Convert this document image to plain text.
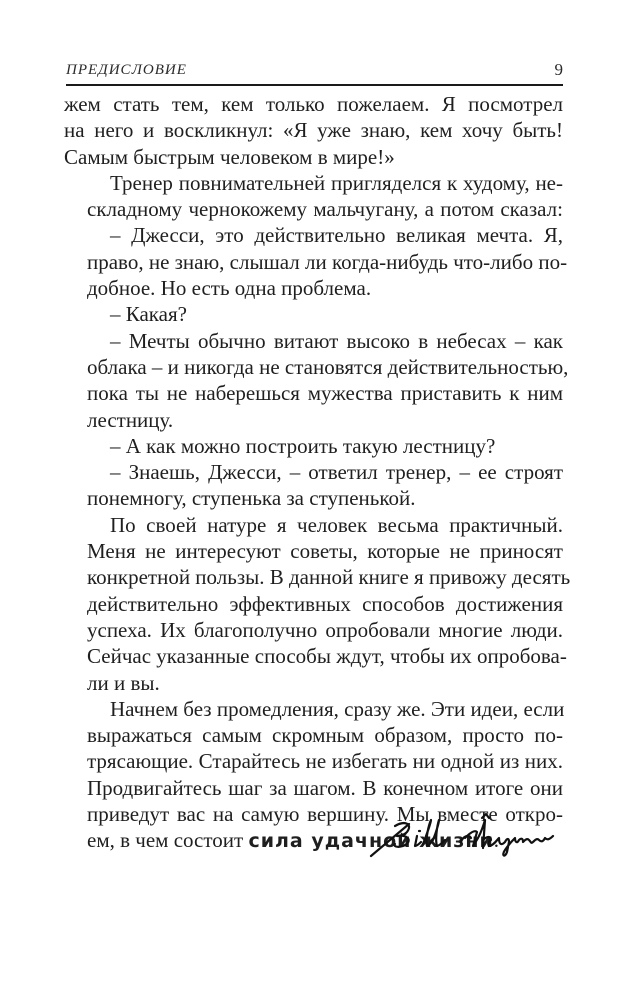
ПРЕДИСЛОВИЕ	9

жем стать тем, кем только пожелаем. Я посмотрел
на него и воскликнул: «Я уже знаю, кем хочу быть!
Самым быстрым человеком в мире!»

Тренер повнимательней пригляделся к худому, не-
складному чернокожему мальчугану, а потом сказал:

– Джесси, это действительно великая мечта. Я,
право, не знаю, слышал ли когда-нибудь что-либо по-
добное. Но есть одна проблема.

– Какая?

– Мечты обычно витают высоко в небесах – как
облака – и никогда не становятся действительностью,
пока ты не наберешься мужества приставить к ним
лестницу.

– А как можно построить такую лестницу?

– Знаешь, Джесси, – ответил тренер, – ее строят
понемногу, ступенька за ступенькой.

По своей натуре я человек весьма практичный.
Меня не интересуют советы, которые не приносят
конкретной пользы. В данной книге я привожу десять
действительно эффективных способов достижения
успеха. Их благополучно опробовали многие люди.
Сейчас указанные способы ждут, чтобы их опробова-
ли и вы.

Начнем без промедления, сразу же. Эти идеи, если
выражаться самым скромным образом, просто по-
трясающие. Старайтесь не избегать ни одной из них.
Продвигайтесь шаг за шагом. В конечном итоге они
приведут вас на самую вершину. Мы вместе откро-
ем, в чем состоит сила удачной жизни.
